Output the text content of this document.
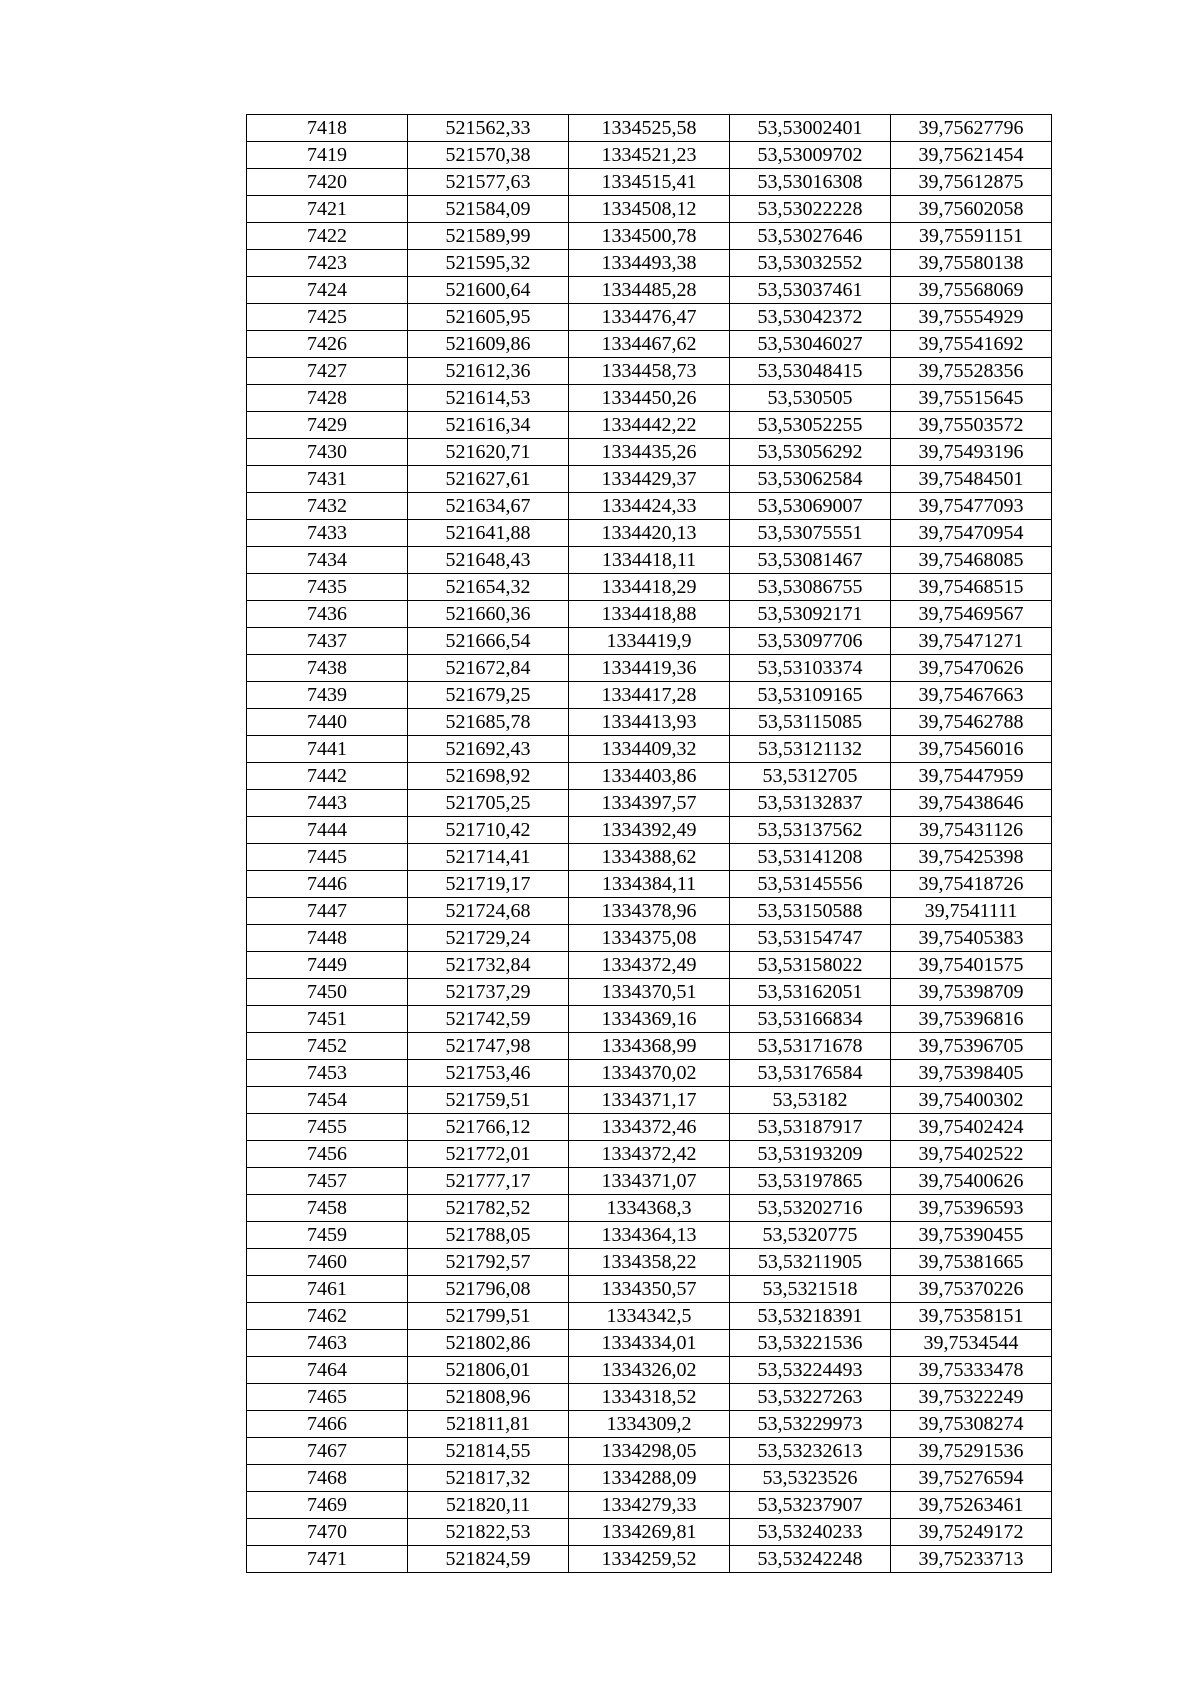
7418	521562,33	1334525,58	53,53002401	39,75627796
7419	521570,38	1334521,23	53,53009702	39,75621454
7420	521577,63	1334515,41	53,53016308	39,75612875
7421	521584,09	1334508,12	53,53022228	39,75602058
7422	521589,99	1334500,78	53,53027646	39,75591151
7423	521595,32	1334493,38	53,53032552	39,75580138
7424	521600,64	1334485,28	53,53037461	39,75568069
7425	521605,95	1334476,47	53,53042372	39,75554929
7426	521609,86	1334467,62	53,53046027	39,75541692
7427	521612,36	1334458,73	53,53048415	39,75528356
7428	521614,53	1334450,26	53,530505	39,75515645
7429	521616,34	1334442,22	53,53052255	39,75503572
7430	521620,71	1334435,26	53,53056292	39,75493196
7431	521627,61	1334429,37	53,53062584	39,75484501
7432	521634,67	1334424,33	53,53069007	39,75477093
7433	521641,88	1334420,13	53,53075551	39,75470954
7434	521648,43	1334418,11	53,53081467	39,75468085
7435	521654,32	1334418,29	53,53086755	39,75468515
7436	521660,36	1334418,88	53,53092171	39,75469567
7437	521666,54	1334419,9	53,53097706	39,75471271
7438	521672,84	1334419,36	53,53103374	39,75470626
7439	521679,25	1334417,28	53,53109165	39,75467663
7440	521685,78	1334413,93	53,53115085	39,75462788
7441	521692,43	1334409,32	53,53121132	39,75456016
7442	521698,92	1334403,86	53,5312705	39,75447959
7443	521705,25	1334397,57	53,53132837	39,75438646
7444	521710,42	1334392,49	53,53137562	39,75431126
7445	521714,41	1334388,62	53,53141208	39,75425398
7446	521719,17	1334384,11	53,53145556	39,75418726
7447	521724,68	1334378,96	53,53150588	39,7541111
7448	521729,24	1334375,08	53,53154747	39,75405383
7449	521732,84	1334372,49	53,53158022	39,75401575
7450	521737,29	1334370,51	53,53162051	39,75398709
7451	521742,59	1334369,16	53,53166834	39,75396816
7452	521747,98	1334368,99	53,53171678	39,75396705
7453	521753,46	1334370,02	53,53176584	39,75398405
7454	521759,51	1334371,17	53,53182	39,75400302
7455	521766,12	1334372,46	53,53187917	39,75402424
7456	521772,01	1334372,42	53,53193209	39,75402522
7457	521777,17	1334371,07	53,53197865	39,75400626
7458	521782,52	1334368,3	53,53202716	39,75396593
7459	521788,05	1334364,13	53,5320775	39,75390455
7460	521792,57	1334358,22	53,53211905	39,75381665
7461	521796,08	1334350,57	53,5321518	39,75370226
7462	521799,51	1334342,5	53,53218391	39,75358151
7463	521802,86	1334334,01	53,53221536	39,7534544
7464	521806,01	1334326,02	53,53224493	39,75333478
7465	521808,96	1334318,52	53,53227263	39,75322249
7466	521811,81	1334309,2	53,53229973	39,75308274
7467	521814,55	1334298,05	53,53232613	39,75291536
7468	521817,32	1334288,09	53,5323526	39,75276594
7469	521820,11	1334279,33	53,53237907	39,75263461
7470	521822,53	1334269,81	53,53240233	39,75249172
7471	521824,59	1334259,52	53,53242248	39,75233713
